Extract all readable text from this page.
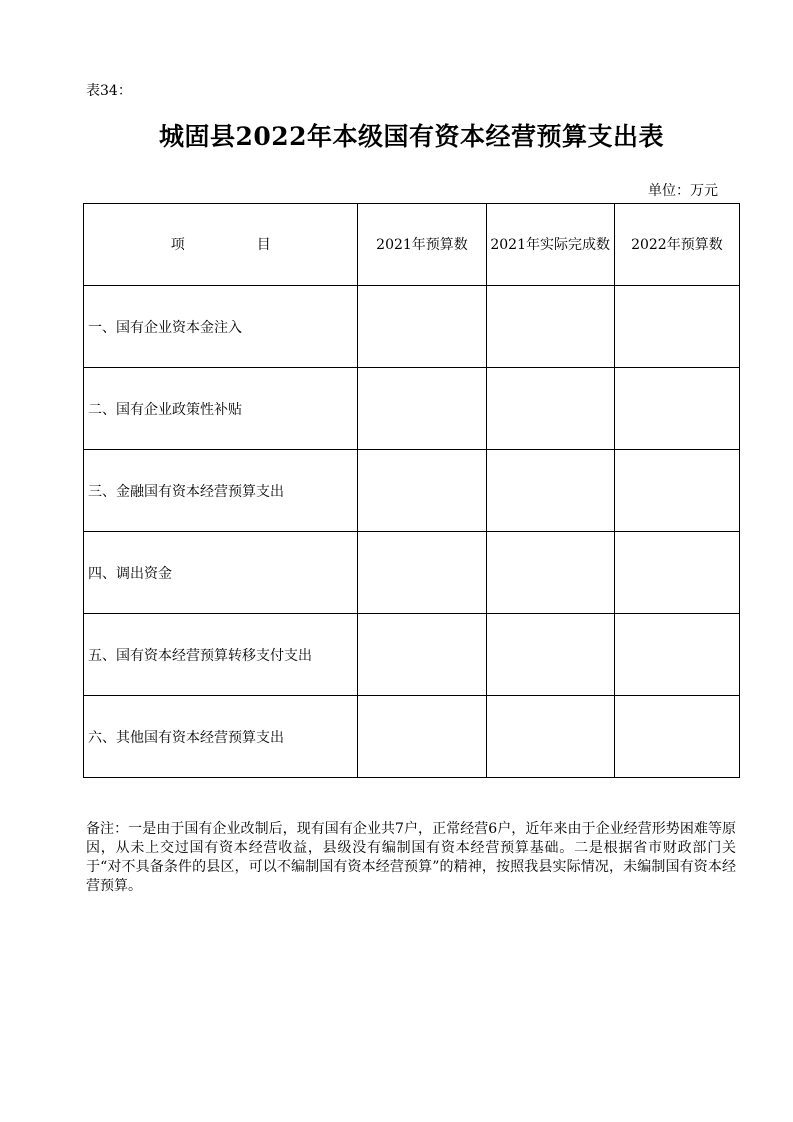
表34：
城固县2022年本级国有资本经营预算支出表
单位：万元
项 目	2021年预算数	2021年实际完成数	2022年预算数
一、国有企业资本金注入			
二、国有企业政策性补贴			
三、金融国有资本经营预算支出			
四、调出资金			
五、国有资本经营预算转移支付支出			
六、其他国有资本经营预算支出			
备注：一是由于国有企业改制后，现有国有企业共7户，正常经营6户，近年来由于企业经营形势困难等原因，从未上交过国有资本经营收益，县级没有编制国有资本经营预算基础。二是根据省市财政部门关于“对不具备条件的县区，可以不编制国有资本经营预算”的精神，按照我县实际情况，未编制国有资本经营预算。
